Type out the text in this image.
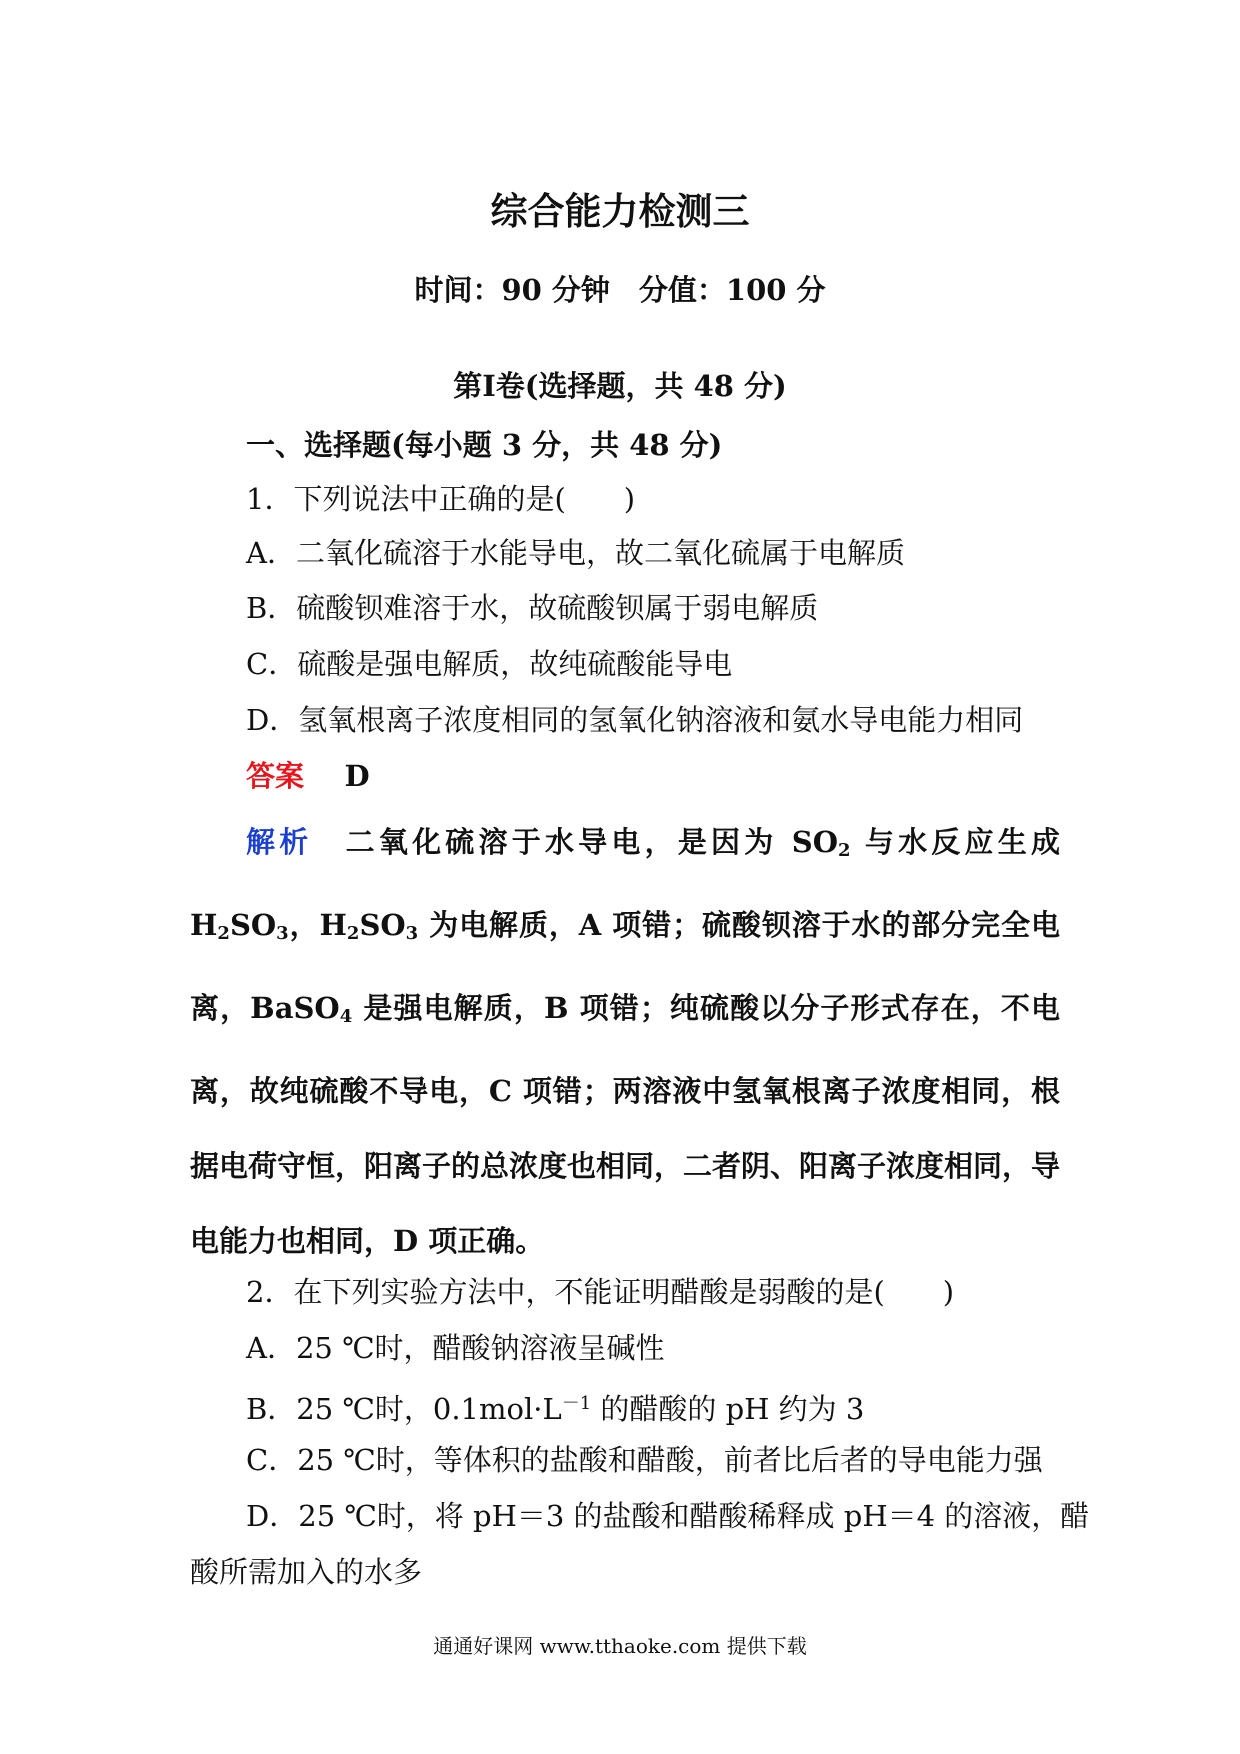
综合能力检测三
时间：90 分钟　分值：100 分
第Ⅰ卷(选择题，共 48 分)
一、选择题(每小题 3 分，共 48 分)
1．下列说法中正确的是(　　)
A．二氧化硫溶于水能导电，故二氧化硫属于电解质
B．硫酸钡难溶于水，故硫酸钡属于弱电解质
C．硫酸是强电解质，故纯硫酸能导电
D．氢氧根离子浓度相同的氢氧化钠溶液和氨水导电能力相同
答案 D
解析　 二氧化硫溶于水导电，是因为 $SO_2$ 与水反应生成 $H_2SO_3$，$H_2SO_3$ 为电解质，A 项错；硫酸钡溶于水的部分完全电离，BaSO$_4$ 是强电解质，B 项错；纯硫酸以分子形式存在，不电离，故纯硫酸不导电，C 项错；两溶液中氢氧根离子浓度相同，根据电荷守恒，阳离子的总浓度也相同，二者阴、阳离子浓度相同，导电能力也相同，D 项正确。
2．在下列实验方法中，不能证明醋酸是弱酸的是(　　)
A．25 ℃时，醋酸钠溶液呈碱性
B．25 ℃时，$0.1mol\cdot L^{-1}$ 的醋酸的 pH 约为 3
C．25 ℃时，等体积的盐酸和醋酸，前者比后者的导电能力强
D．25 ℃时，将 pH＝3 的盐酸和醋酸稀释成 pH＝4 的溶液，醋
酸所需加入的水多
通通好课网 www.tthaoke.com 提供下载
